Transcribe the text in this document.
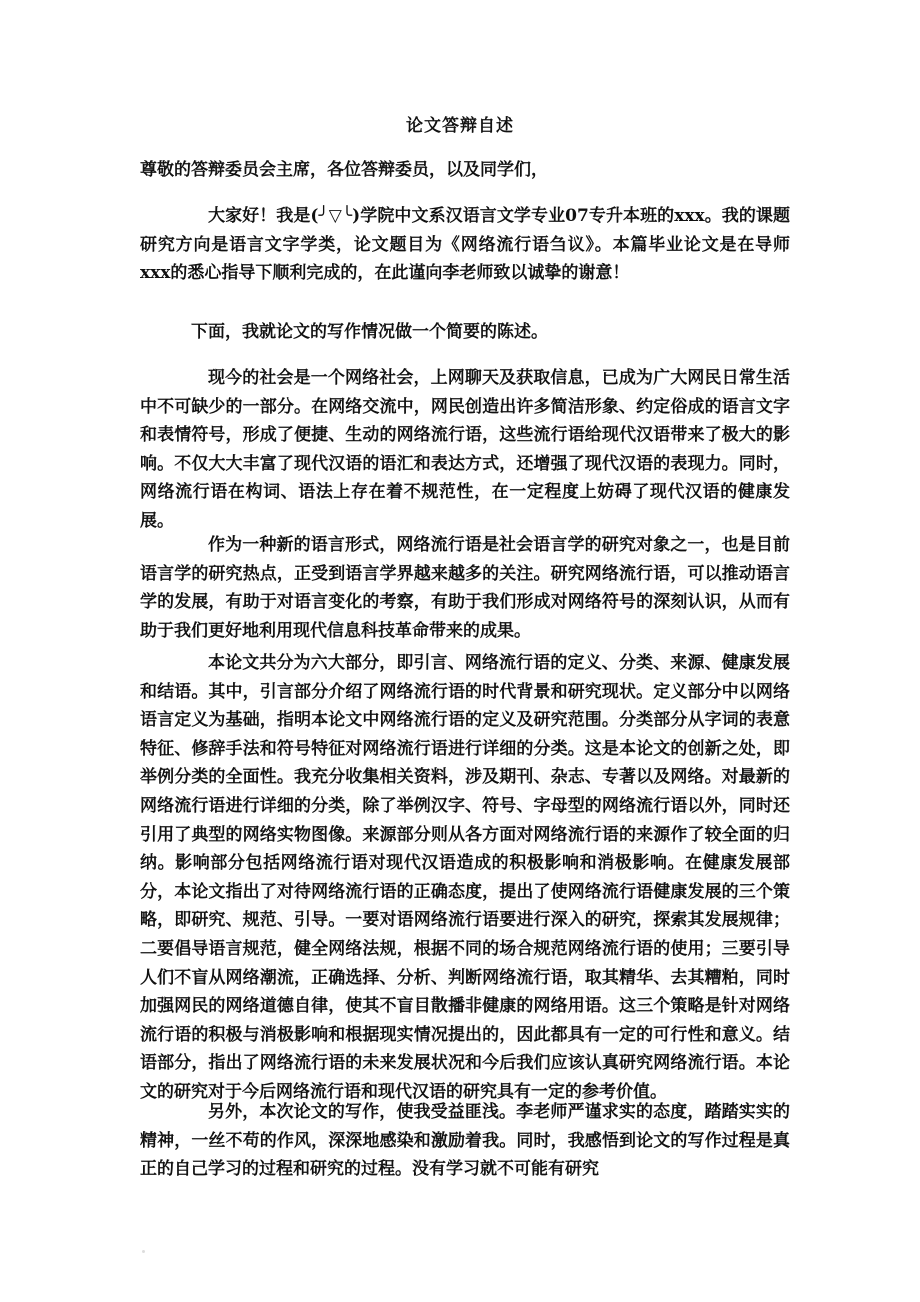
论文答辩自述
尊敬的答辩委员会主席，各位答辩委员，以及同学们，

大家好！我是(╯▽╰)学院中文系汉语言文学专业07专升本班的xxx。我的课题研究方向是语言文字学类，论文题目为《网络流行语刍议》。本篇毕业论文是在导师xxx的悉心指导下顺利完成的，在此谨向李老师致以诚挚的谢意！

下面，我就论文的写作情况做一个简要的陈述。

现今的社会是一个网络社会，上网聊天及获取信息，已成为广大网民日常生活中不可缺少的一部分。在网络交流中，网民创造出许多简洁形象、约定俗成的语言文字和表情符号，形成了便捷、生动的网络流行语，这些流行语给现代汉语带来了极大的影响。不仅大大丰富了现代汉语的语汇和表达方式，还增强了现代汉语的表现力。同时，网络流行语在构词、语法上存在着不规范性，在一定程度上妨碍了现代汉语的健康发展。

作为一种新的语言形式，网络流行语是社会语言学的研究对象之一，也是目前语言学的研究热点，正受到语言学界越来越多的关注。研究网络流行语，可以推动语言学的发展，有助于对语言变化的考察，有助于我们形成对网络符号的深刻认识，从而有助于我们更好地利用现代信息科技革命带来的成果。

本论文共分为六大部分，即引言、网络流行语的定义、分类、来源、健康发展和结语。其中，引言部分介绍了网络流行语的时代背景和研究现状。定义部分中以网络语言定义为基础，指明本论文中网络流行语的定义及研究范围。分类部分从字词的表意特征、修辞手法和符号特征对网络流行语进行详细的分类。这是本论文的创新之处，即举例分类的全面性。我充分收集相关资料，涉及期刊、杂志、专著以及网络。对最新的网络流行语进行详细的分类，除了举例汉字、符号、字母型的网络流行语以外，同时还引用了典型的网络实物图像。来源部分则从各方面对网络流行语的来源作了较全面的归纳。影响部分包括网络流行语对现代汉语造成的积极影响和消极影响。在健康发展部分，本论文指出了对待网络流行语的正确态度，提出了使网络流行语健康发展的三个策略，即研究、规范、引导。一要对语网络流行语要进行深入的研究，探索其发展规律；二要倡导语言规范，健全网络法规，根据不同的场合规范网络流行语的使用；三要引导人们不盲从网络潮流，正确选择、分析、判断网络流行语，取其精华、去其糟粕，同时加强网民的网络道德自律，使其不盲目散播非健康的网络用语。这三个策略是针对网络流行语的积极与消极影响和根据现实情况提出的，因此都具有一定的可行性和意义。结语部分，指出了网络流行语的未来发展状况和今后我们应该认真研究网络流行语。本论文的研究对于今后网络流行语和现代汉语的研究具有一定的参考价值。

另外，本次论文的写作，使我受益匪浅。李老师严谨求实的态度，踏踏实实的精神，一丝不苟的作风，深深地感染和激励着我。同时，我感悟到论文的写作过程是真正的自己学习的过程和研究的过程。没有学习就不可能有研究
